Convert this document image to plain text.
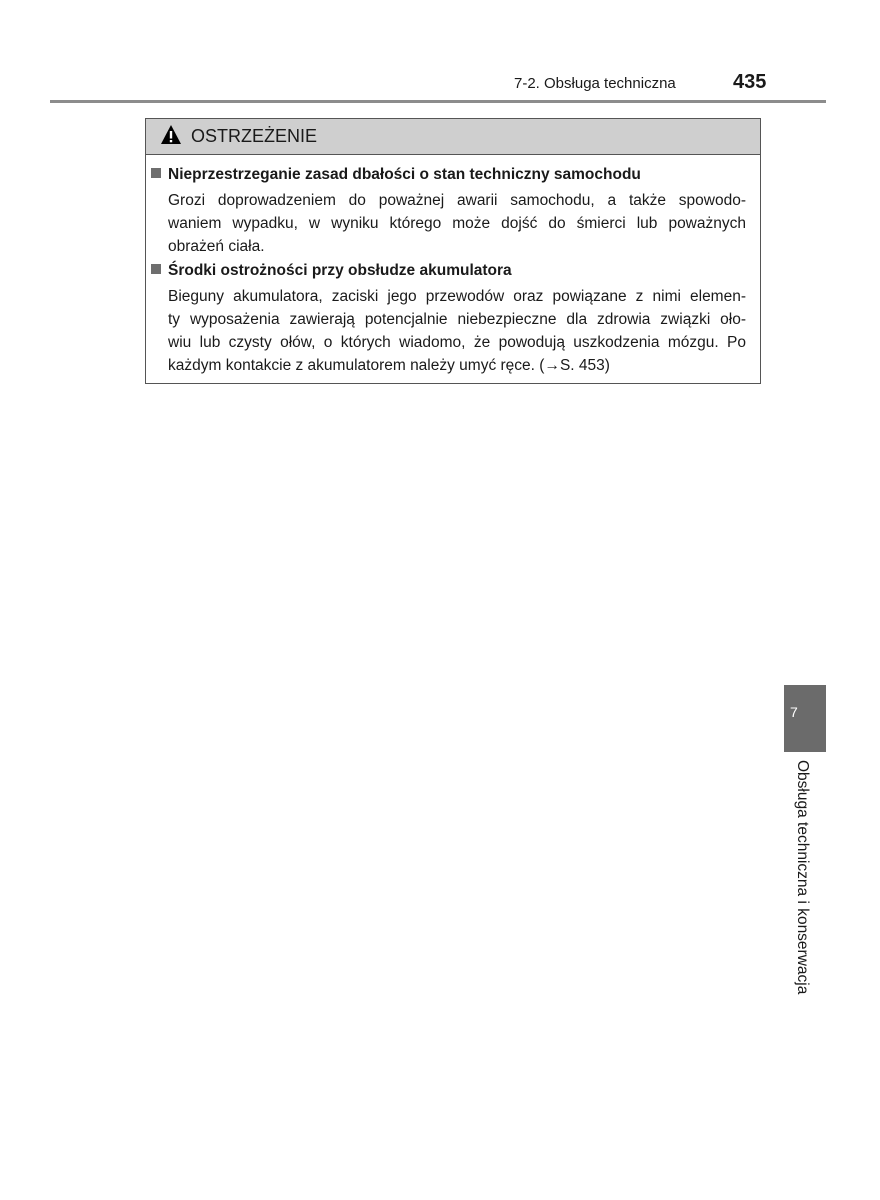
7-2. Obsługa techniczna	435
OSTRZEŻENIE
Nieprzestrzeganie zasad dbałości o stan techniczny samochodu
Grozi doprowadzeniem do poważnej awarii samochodu, a także spowodo-
waniem wypadku, w wyniku którego może dojść do śmierci lub poważnych
obrażeń ciała.
Środki ostrożności przy obsłudze akumulatora
Bieguny akumulatora, zaciski jego przewodów oraz powiązane z nimi elemen-
ty wyposażenia zawierają potencjalnie niebezpieczne dla zdrowia związki oło-
wiu lub czysty ołów, o których wiadomo, że powodują uszkodzenia mózgu. Po
każdym kontakcie z akumulatorem należy umyć ręce. (→S. 453)
7
Obsługa techniczna i konserwacja
